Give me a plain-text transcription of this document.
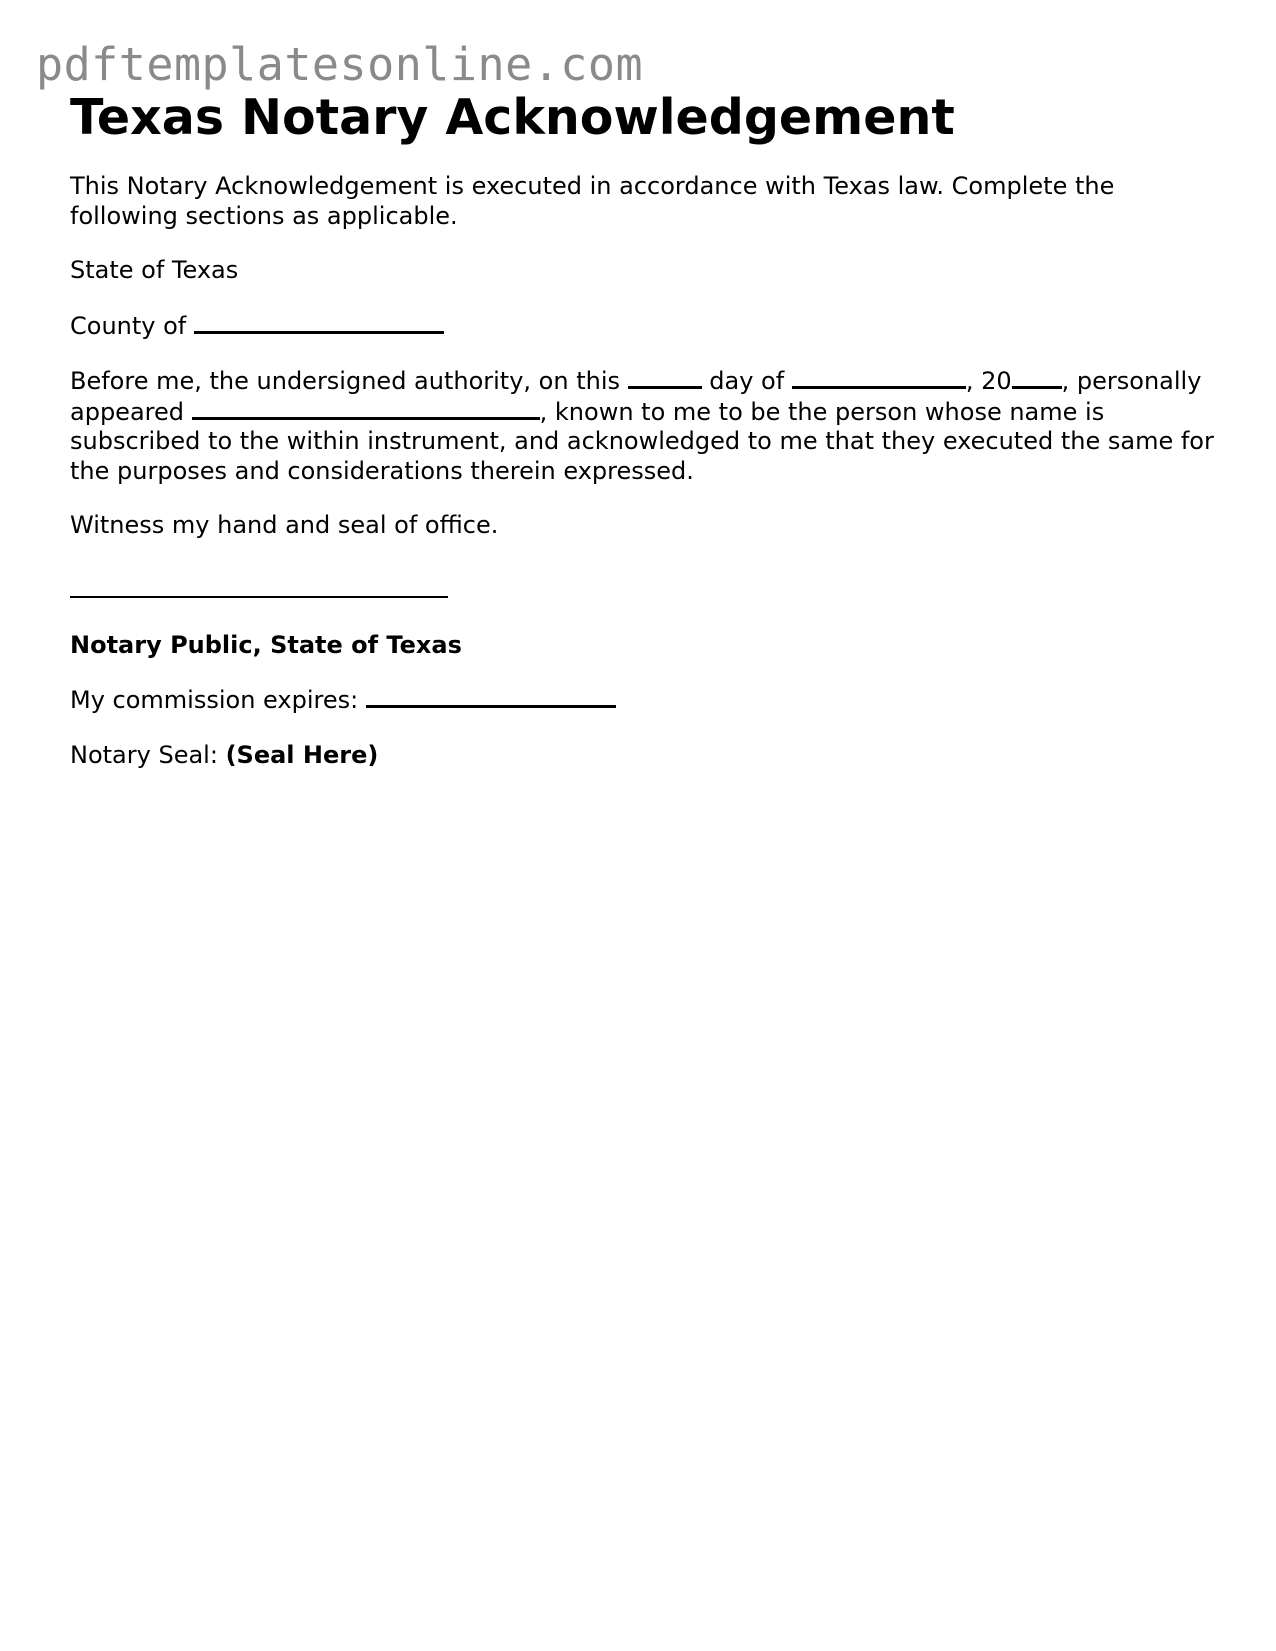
pdftemplatesonline.com
Texas Notary Acknowledgement

This Notary Acknowledgement is executed in accordance with Texas law. Complete the following sections as applicable.

State of Texas

County of

Before me, the undersigned authority, on this	day of	, 20 , personally appeared	, known to me to be the person whose name is subscribed to the within instrument, and acknowledged to me that they executed the same for the purposes and considerations therein expressed.

Witness my hand and seal of office.

Notary Public, State of Texas

My commission expires:

Notary Seal: (Seal Here)
